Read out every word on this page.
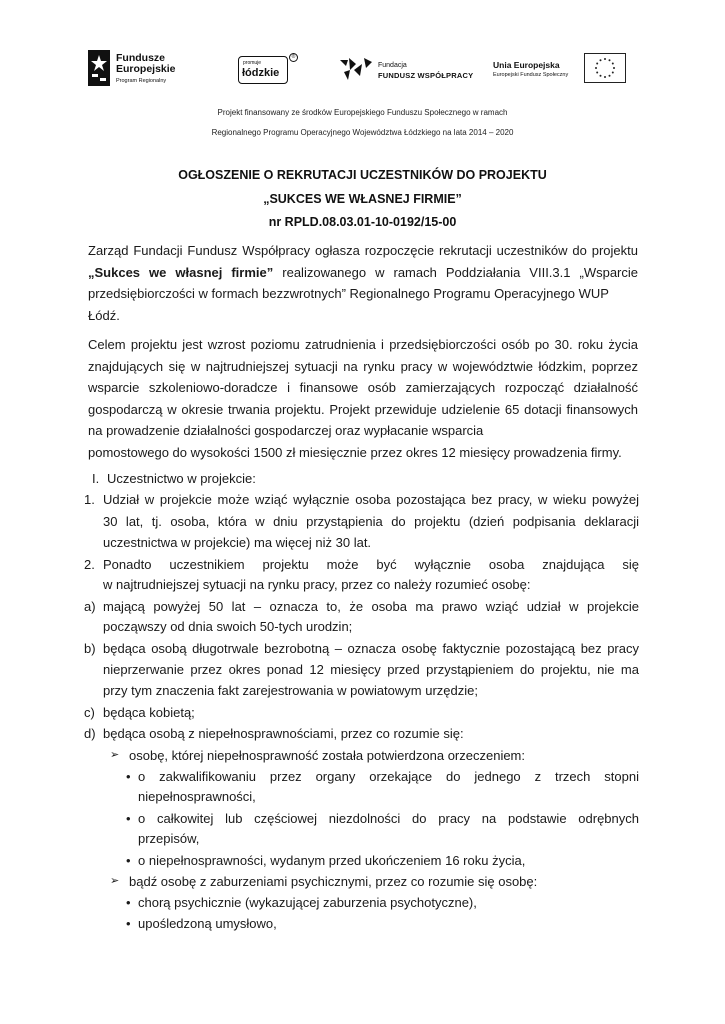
Fundusze
Europejskie
Program Regionalny
promuje
łódzkie
®
Fundacja
FUNDUSZ WSPÓŁPRACY
Unia Europejska
Europejski Fundusz Społeczny
Projekt finansowany ze środków Europejskiego Funduszu Społecznego w ramach
Regionalnego Programu Operacyjnego Województwa Łódzkiego na lata 2014 – 2020
OGŁOSZENIE O REKRUTACJI UCZESTNIKÓW DO PROJEKTU
„SUKCES WE WŁASNEJ FIRMIE”
nr RPLD.08.03.01-10-0192/15-00
Zarząd Fundacji Fundusz Współpracy ogłasza rozpoczęcie rekrutacji uczestników do projektu „Sukces we własnej firmie” realizowanego w ramach Poddziałania VIII.3.1 „Wsparcie przedsiębiorczości w formach bezzwrotnych” Regionalnego Programu Operacyjnego WUP
Łódź.
Celem projektu jest wzrost poziomu zatrudnienia i przedsiębiorczości osób po 30. roku życia znajdujących się w najtrudniejszej sytuacji na rynku pracy w województwie łódzkim, poprzez wsparcie szkoleniowo-doradcze i finansowe osób zamierzających rozpocząć działalność gospodarczą w okresie trwania projektu. Projekt przewiduje udzielenie 65 dotacji finansowych na prowadzenie działalności gospodarczej oraz wypłacanie wsparcia
pomostowego do wysokości 1500 zł miesięcznie przez okres 12 miesięcy prowadzenia firmy.
I. Uczestnictwo w projekcie:
1. Udział w projekcie może wziąć wyłącznie osoba pozostająca bez pracy, w wieku powyżej
30 lat, tj. osoba, która w dniu przystąpienia do projektu (dzień podpisania deklaracji
uczestnictwa w projekcie) ma więcej niż 30 lat.
2. Ponadto uczestnikiem projektu może być wyłącznie osoba znajdująca się
w najtrudniejszej sytuacji na rynku pracy, przez co należy rozumieć osobę:
a) mającą powyżej 50 lat – oznacza to, że osoba ma prawo wziąć udział w projekcie
począwszy od dnia swoich 50-tych urodzin;
b) będąca osobą długotrwale bezrobotną – oznacza osobę faktycznie pozostającą bez pracy
nieprzerwanie przez okres ponad 12 miesięcy przed przystąpieniem do projektu, nie ma
przy tym znaczenia fakt zarejestrowania w powiatowym urzędzie;
c) będąca kobietą;
d) będąca osobą z niepełnosprawnościami, przez co rozumie się:
➢ osobę, której niepełnosprawność została potwierdzona orzeczeniem:
• o zakwalifikowaniu przez organy orzekające do jednego z trzech stopni
niepełnosprawności,
• o całkowitej lub częściowej niezdolności do pracy na podstawie odrębnych
przepisów,
• o niepełnosprawności, wydanym przed ukończeniem 16 roku życia,
➢ bądź osobę z zaburzeniami psychicznymi, przez co rozumie się osobę:
• chorą psychicznie (wykazującej zaburzenia psychotyczne),
• upośledzoną umysłowo,
